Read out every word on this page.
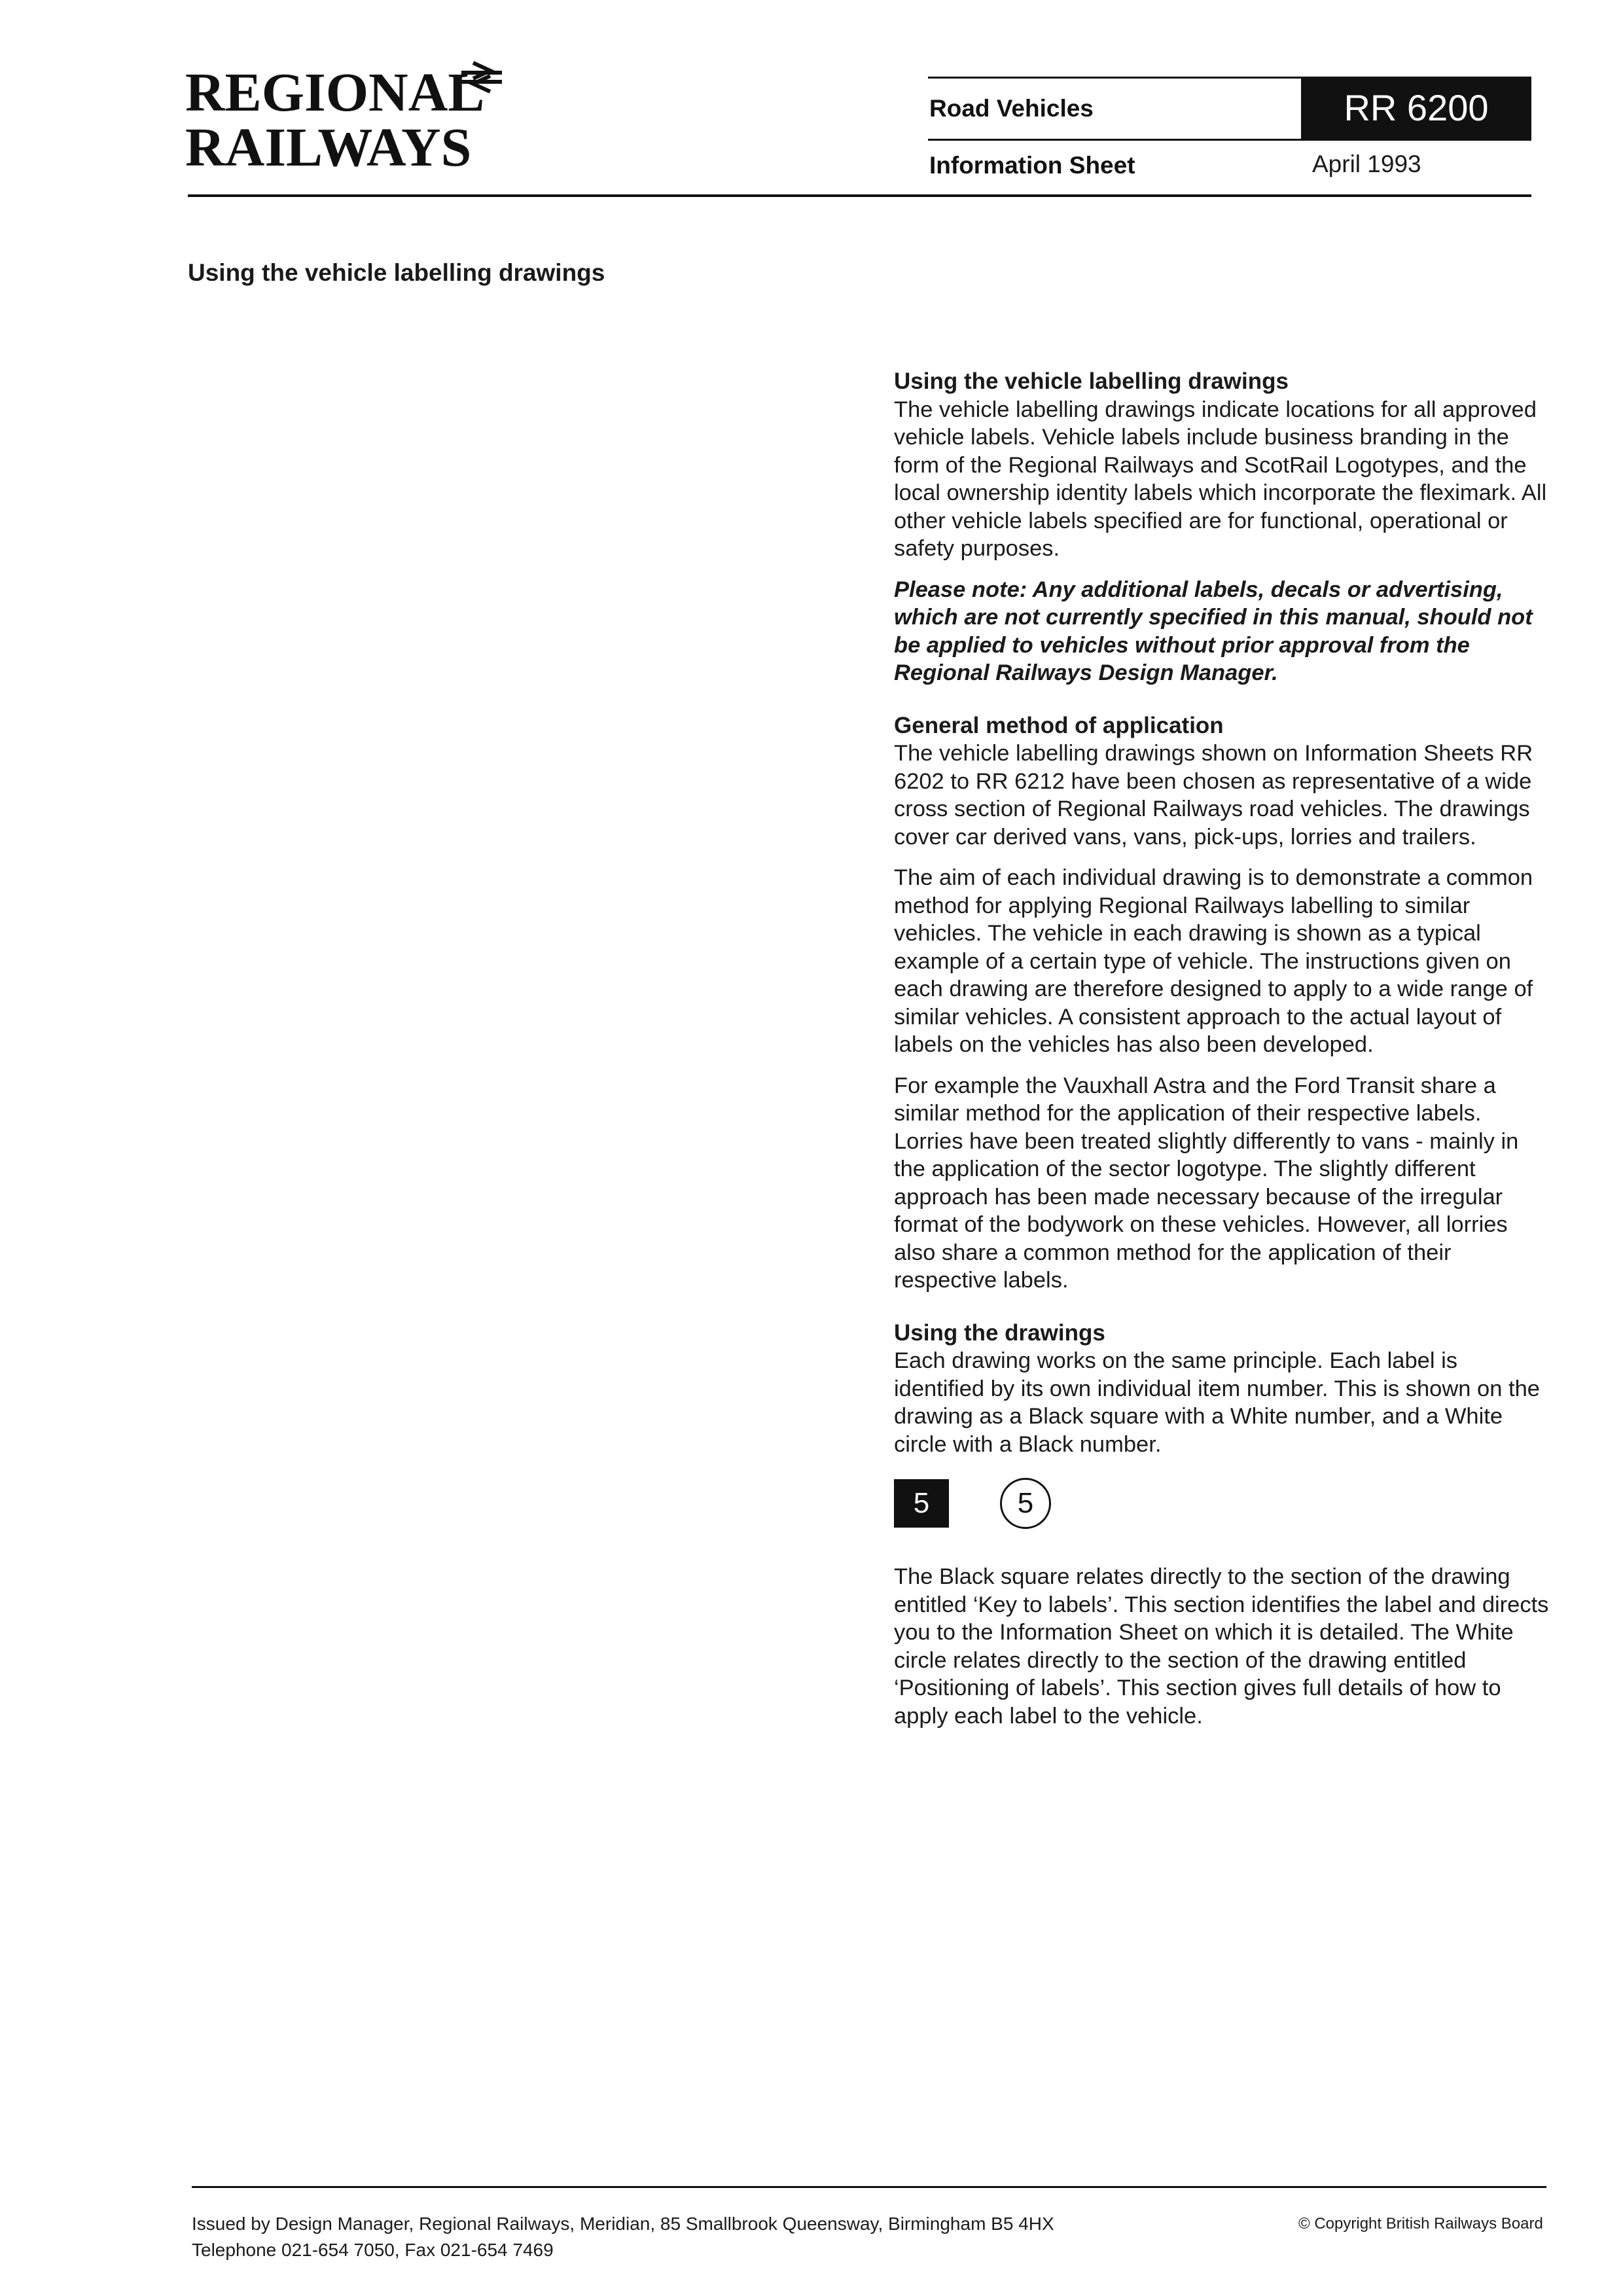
REGIONAL
RAILWAYS
Road Vehicles	RR 6200
Information Sheet	April 1993
Using the vehicle labelling drawings
Using the vehicle labelling drawings

The vehicle labelling drawings indicate locations for all approved vehicle labels. Vehicle labels include business branding in the form of the Regional Railways and ScotRail Logotypes, and the local ownership identity labels which incorporate the fleximark. All other vehicle labels specified are for functional, operational or safety purposes.

Please note: Any additional labels, decals or advertising, which are not currently specified in this manual, should not be applied to vehicles without prior approval from the Regional Railways Design Manager.

General method of application

The vehicle labelling drawings shown on Information Sheets RR 6202 to RR 6212 have been chosen as representative of a wide cross section of Regional Railways road vehicles. The drawings cover car derived vans, vans, pick-ups, lorries and trailers.

The aim of each individual drawing is to demonstrate a common method for applying Regional Railways labelling to similar vehicles. The vehicle in each drawing is shown as a typical example of a certain type of vehicle. The instructions given on each drawing are therefore designed to apply to a wide range of similar vehicles. A consistent approach to the actual layout of labels on the vehicles has also been developed.

For example the Vauxhall Astra and the Ford Transit share a similar method for the application of their respective labels. Lorries have been treated slightly differently to vans - mainly in the application of the sector logotype. The slightly different approach has been made necessary because of the irregular format of the bodywork on these vehicles. However, all lorries also share a common method for the application of their respective labels.

Using the drawings

Each drawing works on the same principle. Each label is identified by its own individual item number. This is shown on the drawing as a Black square with a White number, and a White circle with a Black number.

5	5

The Black square relates directly to the section of the drawing entitled ‘Key to labels’. This section identifies the label and directs you to the Information Sheet on which it is detailed. The White circle relates directly to the section of the drawing entitled ‘Positioning of labels’. This section gives full details of how to apply each label to the vehicle.

Issued by Design Manager, Regional Railways, Meridian, 85 Smallbrook Queensway, Birmingham B5 4HX
Telephone 021-654 7050, Fax 021-654 7469
© Copyright British Railways Board
